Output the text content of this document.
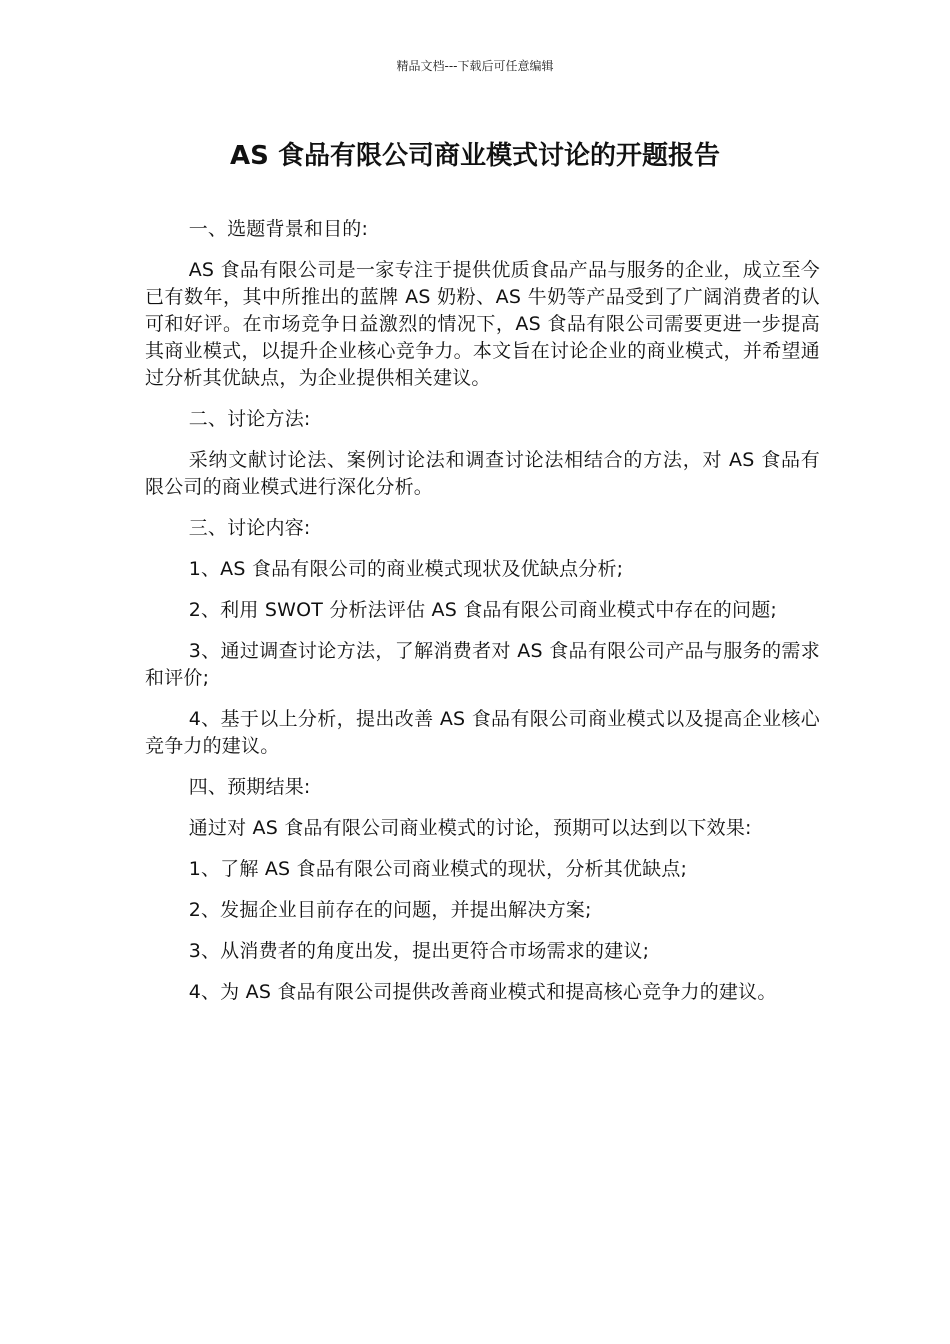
精品文档---下载后可任意编辑
AS 食品有限公司商业模式讨论的开题报告

一、选题背景和目的:

AS 食品有限公司是一家专注于提供优质食品产品与服务的企业，成立至今已有数年，其中所推出的蓝牌 AS 奶粉、AS 牛奶等产品受到了广阔消费者的认可和好评。在市场竞争日益激烈的情况下，AS 食品有限公司需要更进一步提高其商业模式，以提升企业核心竞争力。本文旨在讨论企业的商业模式，并希望通过分析其优缺点，为企业提供相关建议。

二、讨论方法:

采纳文献讨论法、案例讨论法和调查讨论法相结合的方法，对 AS 食品有限公司的商业模式进行深化分析。

三、讨论内容:

1、AS 食品有限公司的商业模式现状及优缺点分析;

2、利用 SWOT 分析法评估 AS 食品有限公司商业模式中存在的问题;

3、通过调查讨论方法，了解消费者对 AS 食品有限公司产品与服务的需求和评价;

4、基于以上分析，提出改善 AS 食品有限公司商业模式以及提高企业核心竞争力的建议。

四、预期结果:

通过对 AS 食品有限公司商业模式的讨论，预期可以达到以下效果:

1、了解 AS 食品有限公司商业模式的现状，分析其优缺点;

2、发掘企业目前存在的问题，并提出解决方案;

3、从消费者的角度出发，提出更符合市场需求的建议;

4、为 AS 食品有限公司提供改善商业模式和提高核心竞争力的建议。
